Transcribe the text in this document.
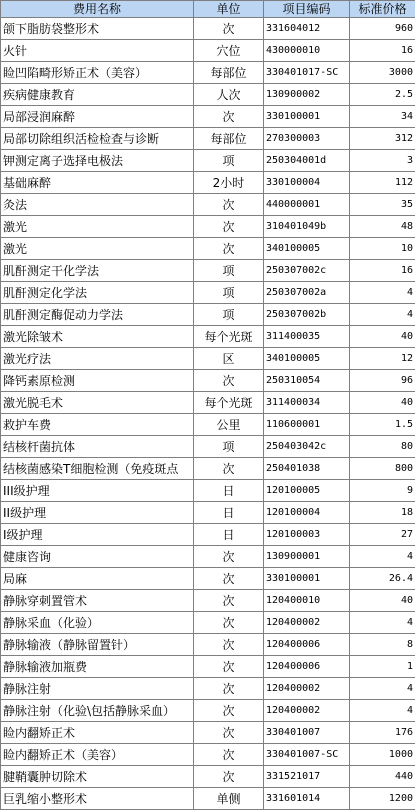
费用名称	单位	项目编码	标准价格
颌下脂肪袋整形术	次	331604012	960
火针	穴位	430000010	16
睑凹陷畸形矫正术（美容）	每部位	330401017-SC	3000
疾病健康教育	人次	130900002	2.5
局部浸润麻醉	次	330100001	34
局部切除组织活检检查与诊断	每部位	270300003	312
钾测定离子选择电极法	项	250304001d	3
基础麻醉	2小时	330100004	112
灸法	次	440000001	35
激光	次	310401049b	48
激光	次	340100005	10
肌酐测定干化学法	项	250307002c	16
肌酐测定化学法	项	250307002a	4
肌酐测定酶促动力学法	项	250307002b	4
激光除皱术	每个光斑	311400035	40
激光疗法	区	340100005	12
降钙素原检测	次	250310054	96
激光脱毛术	每个光斑	311400034	40
救护车费	公里	110600001	1.5
结核杆菌抗体	项	250403042c	80
结核菌感染T细胞检测（免疫斑点	次	250401038	800
III级护理	日	120100005	9
II级护理	日	120100004	18
I级护理	日	120100003	27
健康咨询	次	130900001	4
局麻	次	330100001	26.4
静脉穿刺置管术	次	120400010	40
静脉采血（化验）	次	120400002	4
静脉输液（静脉留置针）	次	120400006	8
静脉输液加瓶费	次	120400006	1
静脉注射	次	120400002	4
静脉注射（化验\包括静脉采血）	次	120400002	4
睑内翻矫正术	次	330401007	176
睑内翻矫正术（美容）	次	330401007-SC	1000
腱鞘囊肿切除术	次	331521017	440
巨乳缩小整形术	单侧	331601014	1200
